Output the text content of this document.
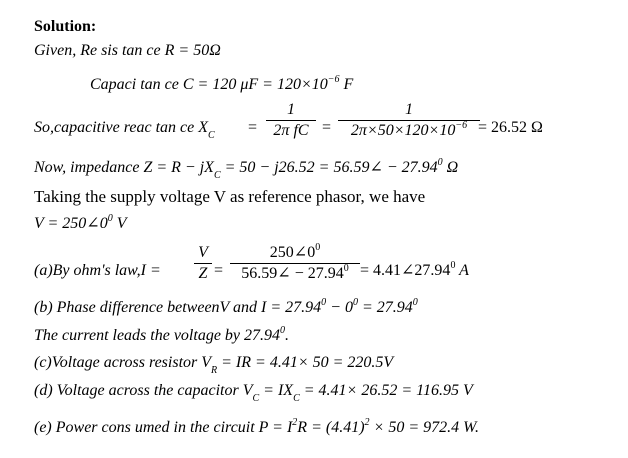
Solution:
Given, Re sis tan ce R = 50Ω
Capaci tan ce C = 120 $\mu F = 120\times 10^{-6}$ F
So,capacitive reac tan ce $X_C$ =
1
2π fC =
1
$2\pi\times 50\times 120\times 10^{-6} = 26.52$ Ω
Now, impedance $Z = R - jX_C = 50 - j26.52$ = 56.59∠ − $27.94^0$ Ω
Taking the supply voltage V as reference phasor, we have
$V = 250\angle 0^0$ V
(a)By ohm's law,I =
V
Z =
$250\angle 0^0$
56.59∠ − $27.94^0$ = $4.41\angle 27.94^0$ A
(b) Phase difference betweenV and $I = 27.94^0 - 0^0 = 27.94^0$
The current leads the voltage by 27.94$^0$.
(c)Voltage across resistor $V_R$ = IR = 4.41× 50 = 220.5V
(d) Voltage across the capacitor $V_C = IX_C = 4.41\times 26.52 = 116.95$ V
(e) Power cons umed in the circuit $P = I^2R = (4.41)^2 \times 50 = 972.4$ W.
